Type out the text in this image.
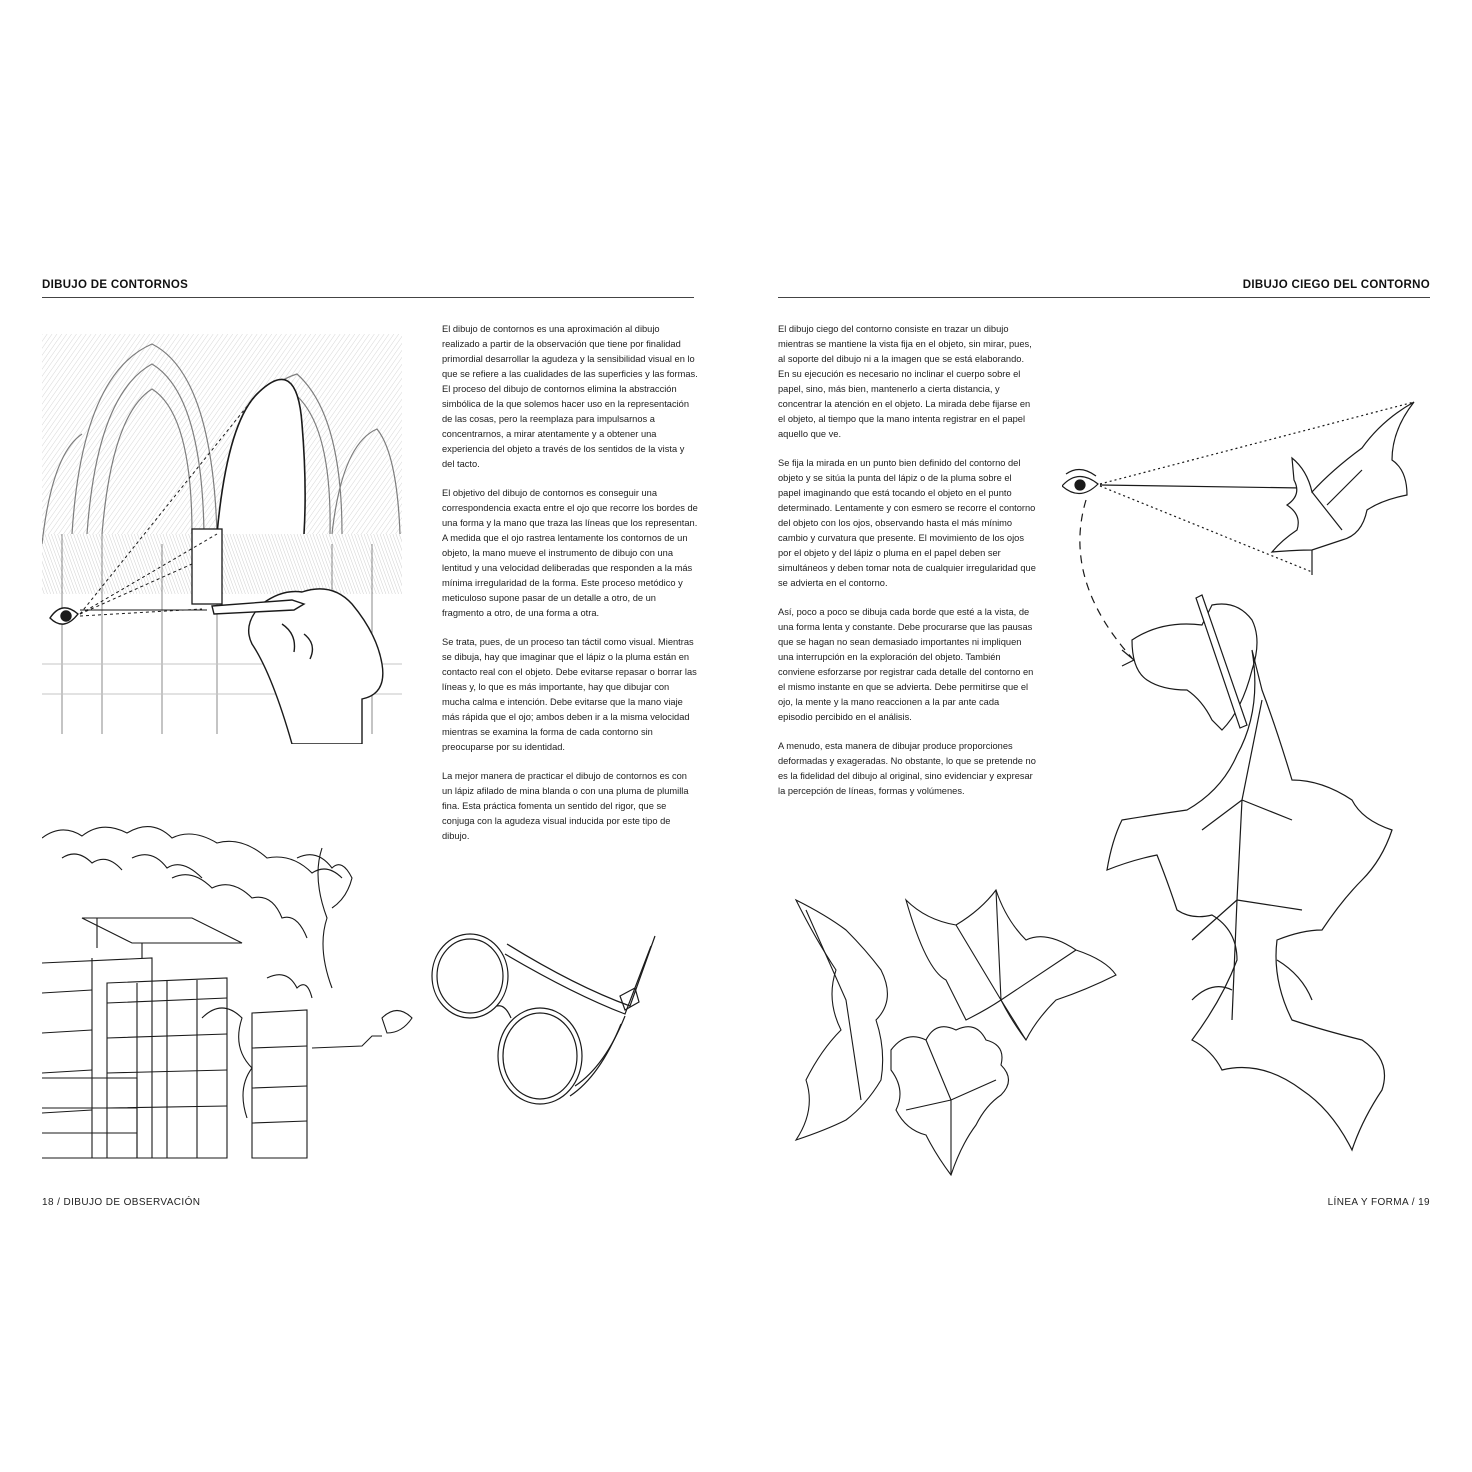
DIBUJO DE CONTORNOS

El dibujo de contornos es una aproximación al dibujo realizado a partir de la observación que tiene por finalidad primordial desarrollar la agudeza y la sensibilidad visual en lo que se refiere a las cualidades de las superficies y las formas. El proceso del dibujo de contornos elimina la abstracción simbólica de la que solemos hacer uso en la representación de las cosas, pero la reemplaza para impulsarnos a concentrarnos, a mirar atentamente y a obtener una experiencia del objeto a través de los sentidos de la vista y del tacto.

El objetivo del dibujo de contornos es conseguir una correspondencia exacta entre el ojo que recorre los bordes de una forma y la mano que traza las líneas que los representan. A medida que el ojo rastrea lentamente los contornos de un objeto, la mano mueve el instrumento de dibujo con una lentitud y una velocidad deliberadas que responden a la más mínima irregularidad de la forma. Este proceso metódico y meticuloso supone pasar de un detalle a otro, de un fragmento a otro, de una forma a otra.

Se trata, pues, de un proceso tan táctil como visual. Mientras se dibuja, hay que imaginar que el lápiz o la pluma están en contacto real con el objeto. Debe evitarse repasar o borrar las líneas y, lo que es más importante, hay que dibujar con mucha calma e intención. Debe evitarse que la mano viaje más rápida que el ojo; ambos deben ir a la misma velocidad mientras se examina la forma de cada contorno sin preocuparse por su identidad.

La mejor manera de practicar el dibujo de contornos es con un lápiz afilado de mina blanda o con una pluma de plumilla fina. Esta práctica fomenta un sentido del rigor, que se conjuga con la agudeza visual inducida por este tipo de dibujo.

18 / DIBUJO DE OBSERVACIÓN
DIBUJO CIEGO DEL CONTORNO

El dibujo ciego del contorno consiste en trazar un dibujo mientras se mantiene la vista fija en el objeto, sin mirar, pues, al soporte del dibujo ni a la imagen que se está elaborando. En su ejecución es necesario no inclinar el cuerpo sobre el papel, sino, más bien, mantenerlo a cierta distancia, y concentrar la atención en el objeto. La mirada debe fijarse en el objeto, al tiempo que la mano intenta registrar en el papel aquello que ve.

Se fija la mirada en un punto bien definido del contorno del objeto y se sitúa la punta del lápiz o de la pluma sobre el papel imaginando que está tocando el objeto en el punto determinado. Lentamente y con esmero se recorre el contorno del objeto con los ojos, observando hasta el más mínimo cambio y curvatura que presente. El movimiento de los ojos por el objeto y del lápiz o pluma en el papel deben ser simultáneos y deben tomar nota de cualquier irregularidad que se advierta en el contorno.

Así, poco a poco se dibuja cada borde que esté a la vista, de una forma lenta y constante. Debe procurarse que las pausas que se hagan no sean demasiado importantes ni impliquen una interrupción en la exploración del objeto. También conviene esforzarse por registrar cada detalle del contorno en el mismo instante en que se advierta. Debe permitirse que el ojo, la mente y la mano reaccionen a la par ante cada episodio percibido en el análisis.

A menudo, esta manera de dibujar produce proporciones deformadas y exageradas. No obstante, lo que se pretende no es la fidelidad del dibujo al original, sino evidenciar y expresar la percepción de líneas, formas y volúmenes.

LÍNEA Y FORMA / 19
